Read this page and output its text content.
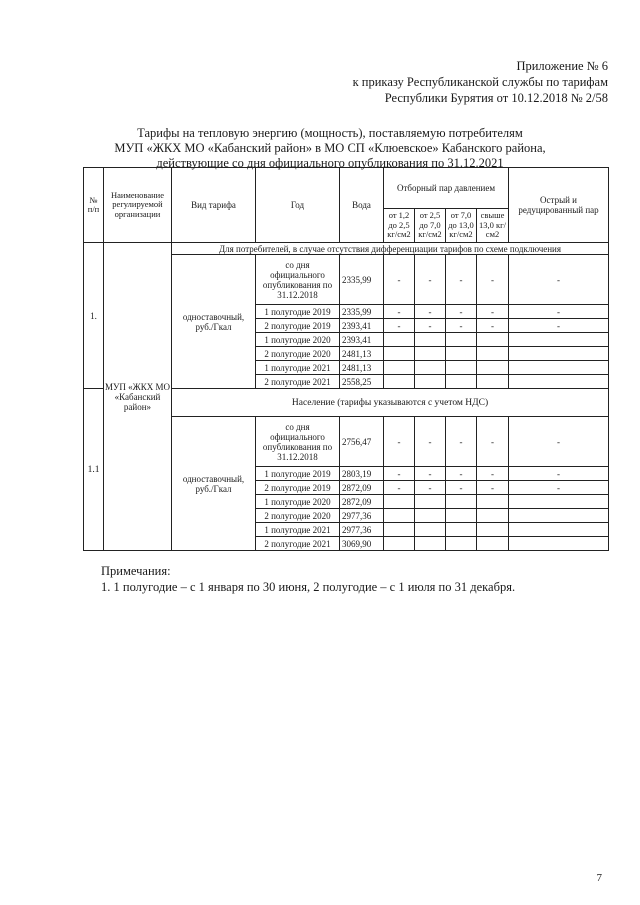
Приложение № 6
к приказу Республиканской службы по тарифам
Республики Бурятия от 10.12.2018 № 2/58
Тарифы на тепловую энергию (мощность), поставляемую потребителям
МУП «ЖКХ МО «Кабанский район» в МО СП «Клюевское» Кабанского района,
действующие со дня официального опубликования по 31.12.2021
№ п/п	Наименование регулируемой организации	Вид тарифа	Год	Вода	Отборный пар давлением				Острый и редуцированный пар
					от 1,2 до 2,5 кг/см2	от 2,5 до 7,0 кг/см2	от 7,0 до 13,0 кг/см2	свыше 13,0 кг/см2	
1.	МУП «ЖКХ МО «Кабанский район»	Для потребителей, в случае отсутствия дифференциации тарифов по схеме подключения							
		одноставочный, руб./Гкал	со дня официального опубликования по 31.12.2018	2335,99	-	-	-	-	-
			1 полугодие 2019	2335,99	-	-	-	-	-
			2 полугодие 2019	2393,41	-	-	-	-	-
			1 полугодие 2020	2393,41					
			2 полугодие 2020	2481,13					
			1 полугодие 2021	2481,13					
			2 полугодие 2021	2558,25					
1.1		Население (тарифы указываются с учетом НДС)							
		одноставочный, руб./Гкал	со дня официального опубликования по 31.12.2018	2756,47	-	-	-	-	-
			1 полугодие 2019	2803,19	-	-	-	-	-
			2 полугодие 2019	2872,09	-	-	-	-	-
			1 полугодие 2020	2872,09					
			2 полугодие 2020	2977,36					
			1 полугодие 2021	2977,36					
			2 полугодие 2021	3069,90					
Примечания:
1. 1 полугодие – с 1 января по 30 июня, 2 полугодие – с 1 июля по 31 декабря.
7
